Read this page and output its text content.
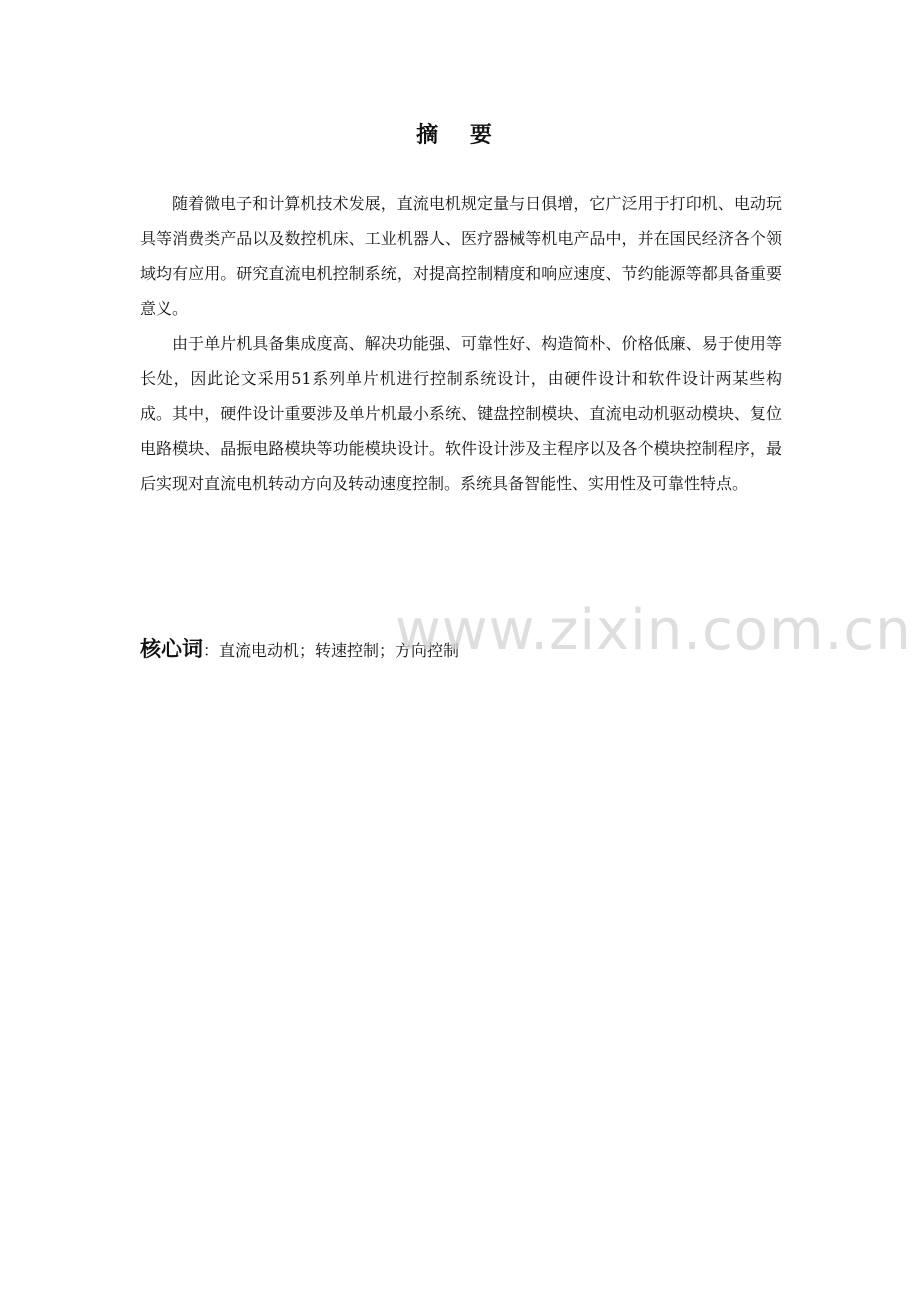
摘 要

随着微电子和计算机技术发展，直流电机规定量与日俱增，它广泛用于打印机、电动玩具等消费类产品以及数控机床、工业机器人、医疗器械等机电产品中，并在国民经济各个领域均有应用。研究直流电机控制系统，对提高控制精度和响应速度、节约能源等都具备重要意义。

由于单片机具备集成度高、解决功能强、可靠性好、构造简朴、价格低廉、易于使用等长处，因此论文采用51系列单片机进行控制系统设计，由硬件设计和软件设计两某些构成。其中，硬件设计重要涉及单片机最小系统、键盘控制模块、直流电动机驱动模块、复位电路模块、晶振电路模块等功能模块设计。软件设计涉及主程序以及各个模块控制程序，最后实现对直流电机转动方向及转动速度控制。系统具备智能性、实用性及可靠性特点。

核心词：直流电动机；转速控制；方向控制
www.zixin.com.cn
